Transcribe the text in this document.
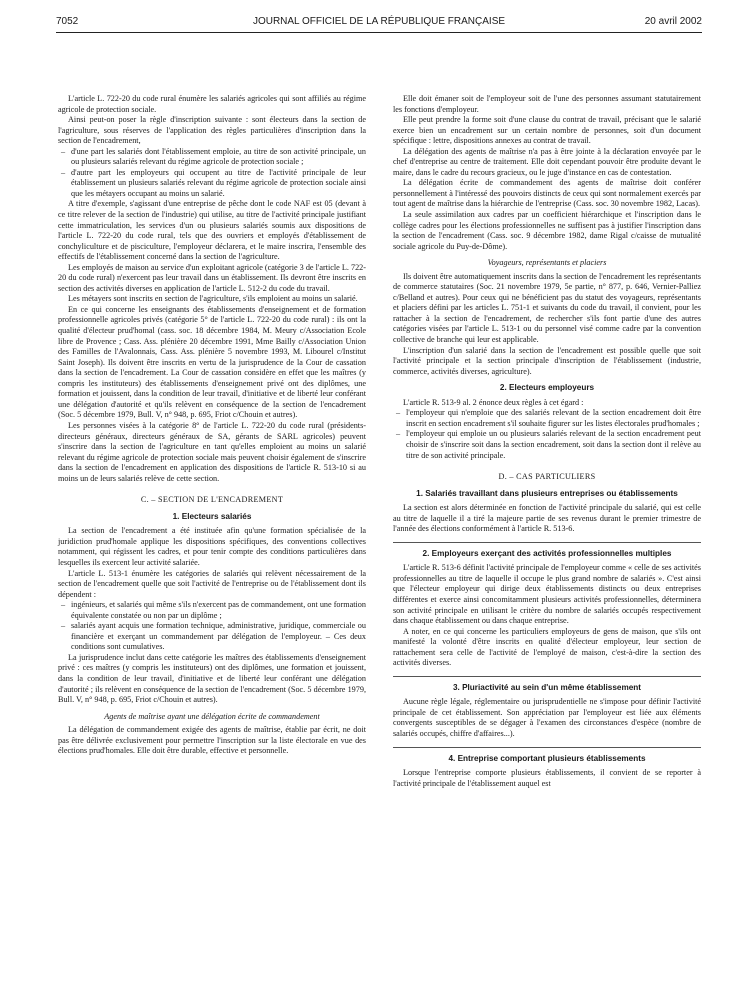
7052	JOURNAL OFFICIEL DE LA RÉPUBLIQUE FRANÇAISE	20 avril 2002

L'article L. 722-20 du code rural énumère les salariés agricoles qui sont affiliés au régime agricole de protection sociale.

Ainsi peut-on poser la règle d'inscription suivante : sont électeurs dans la section de l'agriculture, sous réserves de l'application des règles particulières d'inscription dans la section de l'encadrement,

– d'une part les salariés dont l'établissement emploie, au titre de son activité principale, un ou plusieurs salariés relevant du régime agricole de protection sociale ;
– d'autre part les employeurs qui occupent au titre de l'activité principale de leur établissement un plusieurs salariés relevant du régime agricole de protection sociale ainsi que les métayers occupant au moins un salarié.

A titre d'exemple, s'agissant d'une entreprise de pêche dont le code NAF est 05 (devant à ce titre relever de la section de l'industrie) qui utilise, au titre de l'activité principale justifiant cette immatriculation, les services d'un ou plusieurs salariés soumis aux dispositions de l'article L. 722-20 du code rural, tels que des ouvriers et employés d'établissement de conchyliculture et de pisciculture, l'employeur déclarera, et le maire inscrira, l'ensemble des effectifs de l'établissement concerné dans la section de l'agriculture.

Les employés de maison au service d'un exploitant agricole (catégorie 3 de l'article L. 722-20 du code rural) n'exercent pas leur travail dans un établissement. Ils devront être inscrits en section des activités diverses en application de l'article L. 512-2 du code du travail.

Les métayers sont inscrits en section de l'agriculture, s'ils emploient au moins un salarié.

En ce qui concerne les enseignants des établissements d'enseignement et de formation professionnelle agricoles privés (catégorie 5° de l'article L. 722-20 du code rural) : ils ont la qualité d'électeur prud'homal (cass. soc. 18 décembre 1984, M. Meury c/Association Ecole libre de Provence ; Cass. Ass. plénière 20 décembre 1991, Mme Bailly c/Association Union des Familles de l'Avalonnais, Cass. Ass. plénière 5 novembre 1993, M. Libourel c/Institut Saint Joseph). Ils doivent être inscrits en vertu de la jurisprudence de la Cour de cassation dans la section de l'encadrement. La Cour de cassation considère en effet que les maîtres (y compris les instituteurs) des établissements d'enseignement privé ont des diplômes, une formation et jouissent, dans la condition de leur travail, d'initiative et de liberté leur conférant une délégation d'autorité et qu'ils relèvent en conséquence de la section de l'encadrement (Soc. 5 décembre 1979, Bull. V, n° 948, p. 695, Friot c/Chouin et autres).

Les personnes visées à la catégorie 8° de l'article L. 722-20 du code rural (présidents-directeurs généraux, directeurs généraux de SA, gérants de SARL agricoles) peuvent s'inscrire dans la section de l'agriculture en tant qu'elles emploient au moins un salarié relevant du régime agricole de protection sociale mais peuvent choisir également de s'inscrire dans la section de l'encadrement en application des dispositions de l'article R. 513-10 si au moins un de leurs salariés relève de cette section.

C. – SECTION DE L'ENCADREMENT

1. Electeurs salariés

La section de l'encadrement a été instituée afin qu'une formation spécialisée de la juridiction prud'homale applique les dispositions spécifiques, des conventions collectives notamment, qui régissent les cadres, et pour tenir compte des conditions particulières dans lesquelles ils exercent leur activité salariée.

L'article L. 513-1 énumère les catégories de salariés qui relèvent nécessairement de la section de l'encadrement quelle que soit l'activité de l'entreprise ou de l'établissement dont ils dépendent :

– ingénieurs, et salariés qui même s'ils n'exercent pas de commandement, ont une formation équivalente constatée ou non par un diplôme ;
– salariés ayant acquis une formation technique, administrative, juridique, commerciale ou financière et exerçant un commandement par délégation de l'employeur. – Ces deux conditions sont cumulatives.

La jurisprudence inclut dans cette catégorie les maîtres des établissements d'enseignement privé : ces maîtres (y compris les instituteurs) ont des diplômes, une formation et jouissent, dans la condition de leur travail, d'initiative et de liberté leur conférant une délégation d'autorité ; ils relèvent en conséquence de la section de l'encadrement (Soc. 5 décembre 1979, Bull. V, n° 948, p. 695, Friot c/Chouin et autres).

Agents de maîtrise ayant une délégation écrite de commandement

La délégation de commandement exigée des agents de maîtrise, établie par écrit, ne doit pas être délivrée exclusivement pour permettre l'inscription sur la liste électorale en vue des élections prud'homales. Elle doit être durable, effective et personnelle.

Elle doit émaner soit de l'employeur soit de l'une des personnes assumant statutairement les fonctions d'employeur.

Elle peut prendre la forme soit d'une clause du contrat de travail, précisant que le salarié exerce bien un encadrement sur un certain nombre de personnes, soit d'un document spécifique : lettre, dispositions annexes au contrat de travail.

La délégation des agents de maîtrise n'a pas à être jointe à la déclaration envoyée par le chef d'entreprise au centre de traitement. Elle doit cependant pouvoir être produite devant le maire, dans le cadre du recours gracieux, ou le juge d'instance en cas de contestation.

La délégation écrite de commandement des agents de maîtrise doit conférer personnellement à l'intéressé des pouvoirs distincts de ceux qui sont normalement exercés par tout agent de maîtrise dans la hiérarchie de l'entreprise (Cass. soc. 30 novembre 1982, Lacas).

La seule assimilation aux cadres par un coefficient hiérarchique et l'inscription dans le collège cadres pour les élections professionnelles ne suffisent pas à justifier l'inscription dans la section de l'encadrement (Cass. soc. 9 décembre 1982, dame Rigal c/caisse de mutualité sociale agricole du Puy-de-Dôme).

Voyageurs, représentants et placiers

Ils doivent être automatiquement inscrits dans la section de l'encadrement les représentants de commerce statutaires (Soc. 21 novembre 1979, 5e partie, n° 877, p. 646, Vernier-Palliez c/Belland et autres). Pour ceux qui ne bénéficient pas du statut des voyageurs, représentants et placiers défini par les articles L. 751-1 et suivants du code du travail, il convient, pour les rattacher à la section de l'encadrement, de rechercher s'ils font partie d'une des autres catégories visées par l'article L. 513-1 ou du personnel visé comme cadre par la convention collective de branche qui leur est applicable.

L'inscription d'un salarié dans la section de l'encadrement est possible quelle que soit l'activité principale et la section principale d'inscription de l'établissement (industrie, commerce, activités diverses, agriculture).

2. Electeurs employeurs

L'article R. 513-9 al. 2 énonce deux règles à cet égard :

– l'employeur qui n'emploie que des salariés relevant de la section encadrement doit être inscrit en section encadrement s'il souhaite figurer sur les listes électorales prud'homales ;
– l'employeur qui emploie un ou plusieurs salariés relevant de la section encadrement peut choisir de s'inscrire soit dans la section encadrement, soit dans la section dont il relève au titre de son activité principale.

D. – CAS PARTICULIERS

1. Salariés travaillant dans plusieurs entreprises ou établissements

La section est alors déterminée en fonction de l'activité principale du salarié, qui est celle au titre de laquelle il a tiré la majeure partie de ses revenus durant le premier trimestre de l'année des élections conformément à l'article R. 513-6.

2. Employeurs exerçant des activités professionnelles multiples

L'article R. 513-6 définit l'activité principale de l'employeur comme « celle de ses activités professionnelles au titre de laquelle il occupe le plus grand nombre de salariés ». C'est ainsi que l'électeur employeur qui dirige deux établissements distincts ou deux entreprises différentes et exerce ainsi concomitamment plusieurs activités professionnelles, déterminera son activité principale en utilisant le critère du nombre de salariés occupés respectivement dans chaque établissement ou dans chaque entreprise.

A noter, en ce qui concerne les particuliers employeurs de gens de maison, que s'ils ont manifesté la volonté d'être inscrits en qualité d'électeur employeur, leur section de rattachement sera celle de l'activité de l'employé de maison, c'est-à-dire la section des activités diverses.

3. Pluriactivité au sein d'un même établissement

Aucune règle légale, réglementaire ou jurisprudentielle ne s'impose pour définir l'activité principale de cet établissement. Son appréciation par l'employeur est liée aux éléments convergents susceptibles de se dégager à l'examen des circonstances d'espèce (nombre de salariés occupés, chiffre d'affaires...).

4. Entreprise comportant plusieurs établissements

Lorsque l'entreprise comporte plusieurs établissements, il convient de se reporter à l'activité principale de l'établissement auquel est
